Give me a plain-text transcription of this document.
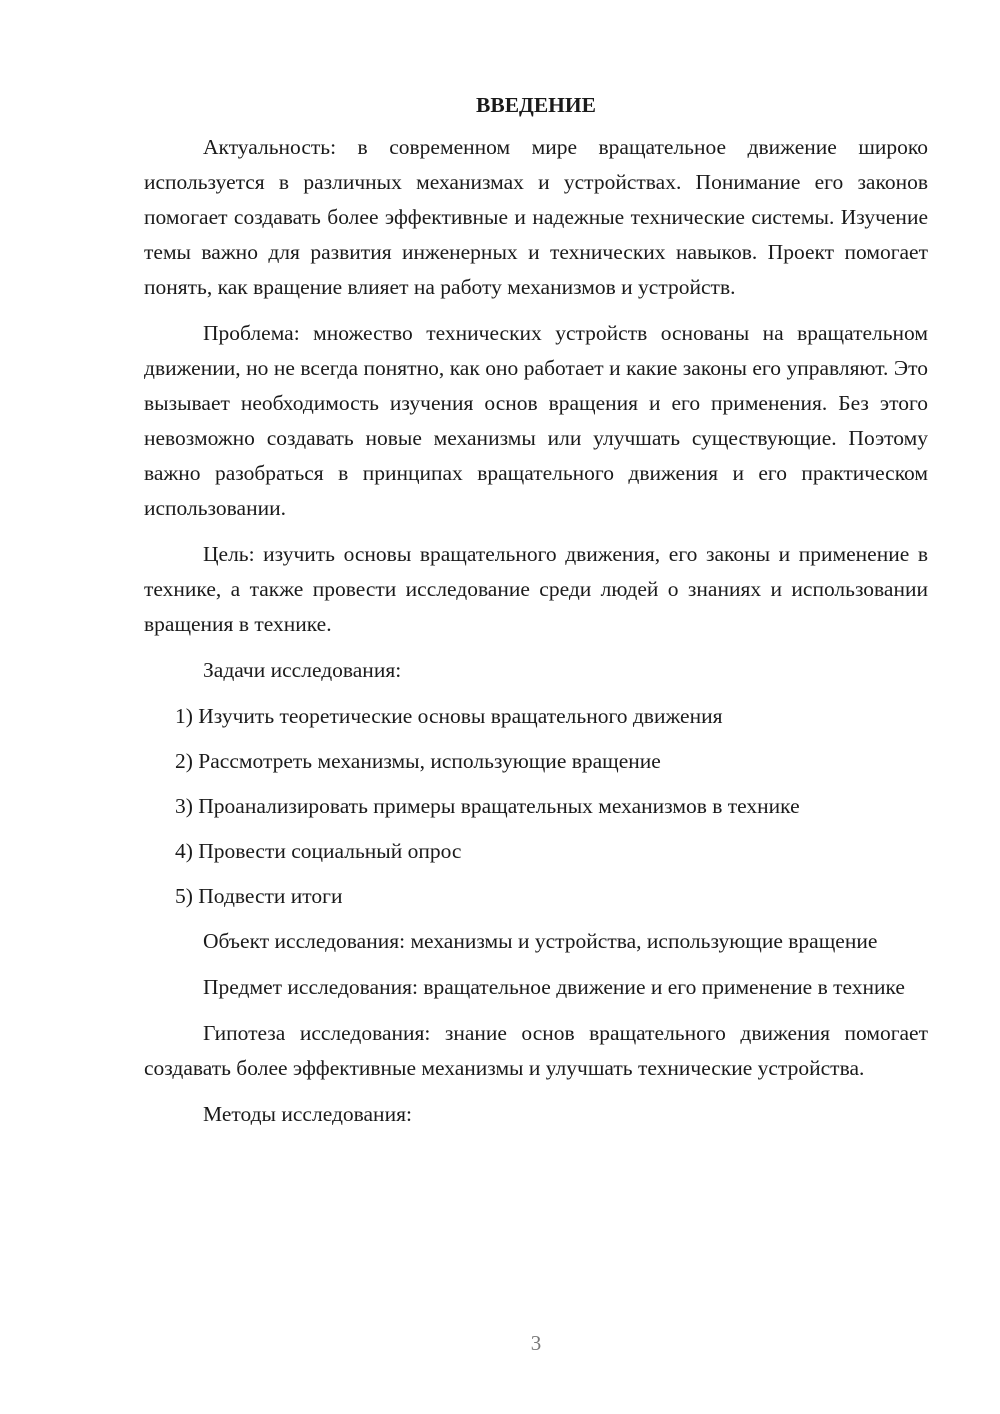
ВВЕДЕНИЕ

Актуальность: в современном мире вращательное движение широко используется в различных механизмах и устройствах. Понимание его законов помогает создавать более эффективные и надежные технические системы. Изучение темы важно для развития инженерных и технических навыков. Проект помогает понять, как вращение влияет на работу механизмов и устройств.

Проблема: множество технических устройств основаны на вращательном движении, но не всегда понятно, как оно работает и какие законы его управляют. Это вызывает необходимость изучения основ вращения и его применения. Без этого невозможно создавать новые механизмы или улучшать существующие. Поэтому важно разобраться в принципах вращательного движения и его практическом использовании.

Цель: изучить основы вращательного движения, его законы и применение в технике, а также провести исследование среди людей о знаниях и использовании вращения в технике.

Задачи исследования:

1) Изучить теоретические основы вращательного движения
2) Рассмотреть механизмы, использующие вращение
3) Проанализировать примеры вращательных механизмов в технике
4) Провести социальный опрос
5) Подвести итоги

Объект исследования: механизмы и устройства, использующие вращение

Предмет исследования: вращательное движение и его применение в технике

Гипотеза исследования: знание основ вращательного движения помогает создавать более эффективные механизмы и улучшать технические устройства.

Методы исследования:

3
